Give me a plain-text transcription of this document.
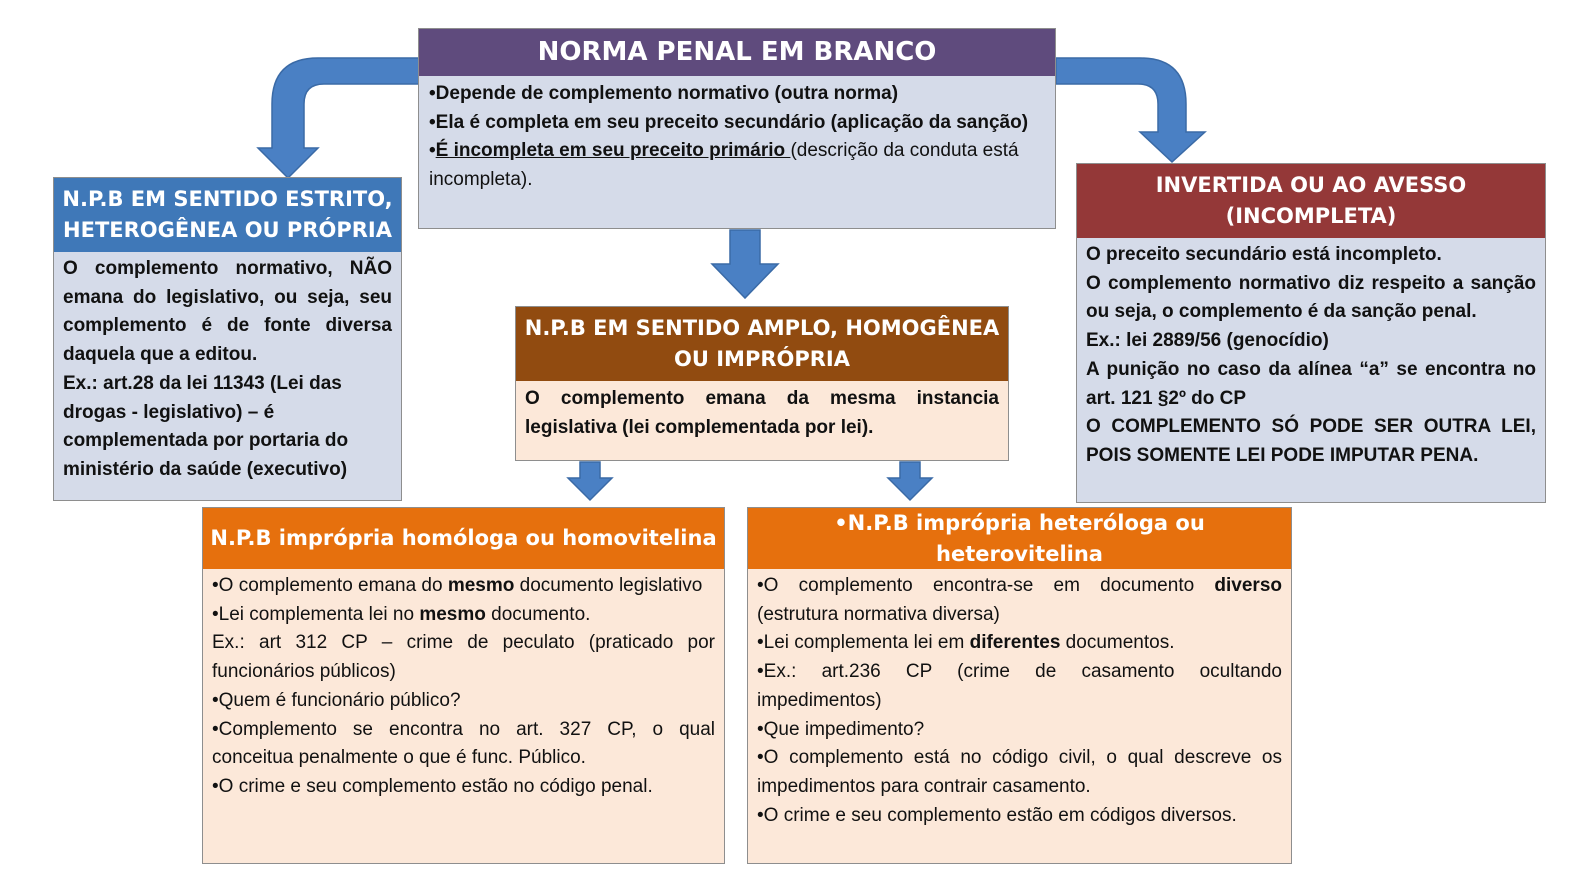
NORMA PENAL EM BRANCO

•Depende de complemento normativo (outra norma)

•Ela é completa em seu preceito secundário (aplicação da sanção)

•É incompleta em seu preceito primário (descrição da conduta está incompleta).

N.P.B EM SENTIDO ESTRITO,
HETEROGÊNEA OU PRÓPRIA

O complemento normativo, NÃO emana do legislativo, ou seja, seu complemento é de fonte diversa daquela que a editou.

Ex.: art.28 da lei 11343 (Lei das drogas - legislativo) – é complementada por portaria do ministério da saúde (executivo)

INVERTIDA OU AO AVESSO
(INCOMPLETA)

O preceito secundário está incompleto.

O complemento normativo diz respeito a sanção ou seja, o complemento é da sanção penal.

Ex.: lei 2889/56 (genocídio)

A punição no caso da alínea “a” se encontra no art. 121 §2º do CP

O COMPLEMENTO SÓ PODE SER OUTRA LEI, POIS SOMENTE LEI PODE IMPUTAR PENA.

N.P.B EM SENTIDO AMPLO, HOMOGÊNEA
OU IMPRÓPRIA

O complemento emana da mesma instancia legislativa (lei complementada por lei).

N.P.B imprópria homóloga ou homovitelina

•O complemento emana do mesmo documento legislativo

•Lei complementa lei no mesmo documento.

Ex.: art 312 CP – crime de peculato (praticado por funcionários públicos)

•Quem é funcionário público?

•Complemento se encontra no art. 327 CP, o qual conceitua penalmente o que é func. Público.

•O crime e seu complemento estão no código penal.

•N.P.B imprópria heteróloga ou heterovitelina

•O complemento encontra-se em documento diverso (estrutura normativa diversa)

•Lei complementa lei em diferentes documentos.

•Ex.: art.236 CP (crime de casamento ocultando impedimentos)

•Que impedimento?

•O complemento está no código civil, o qual descreve os impedimentos para contrair casamento.

•O crime e seu complemento estão em códigos diversos.
